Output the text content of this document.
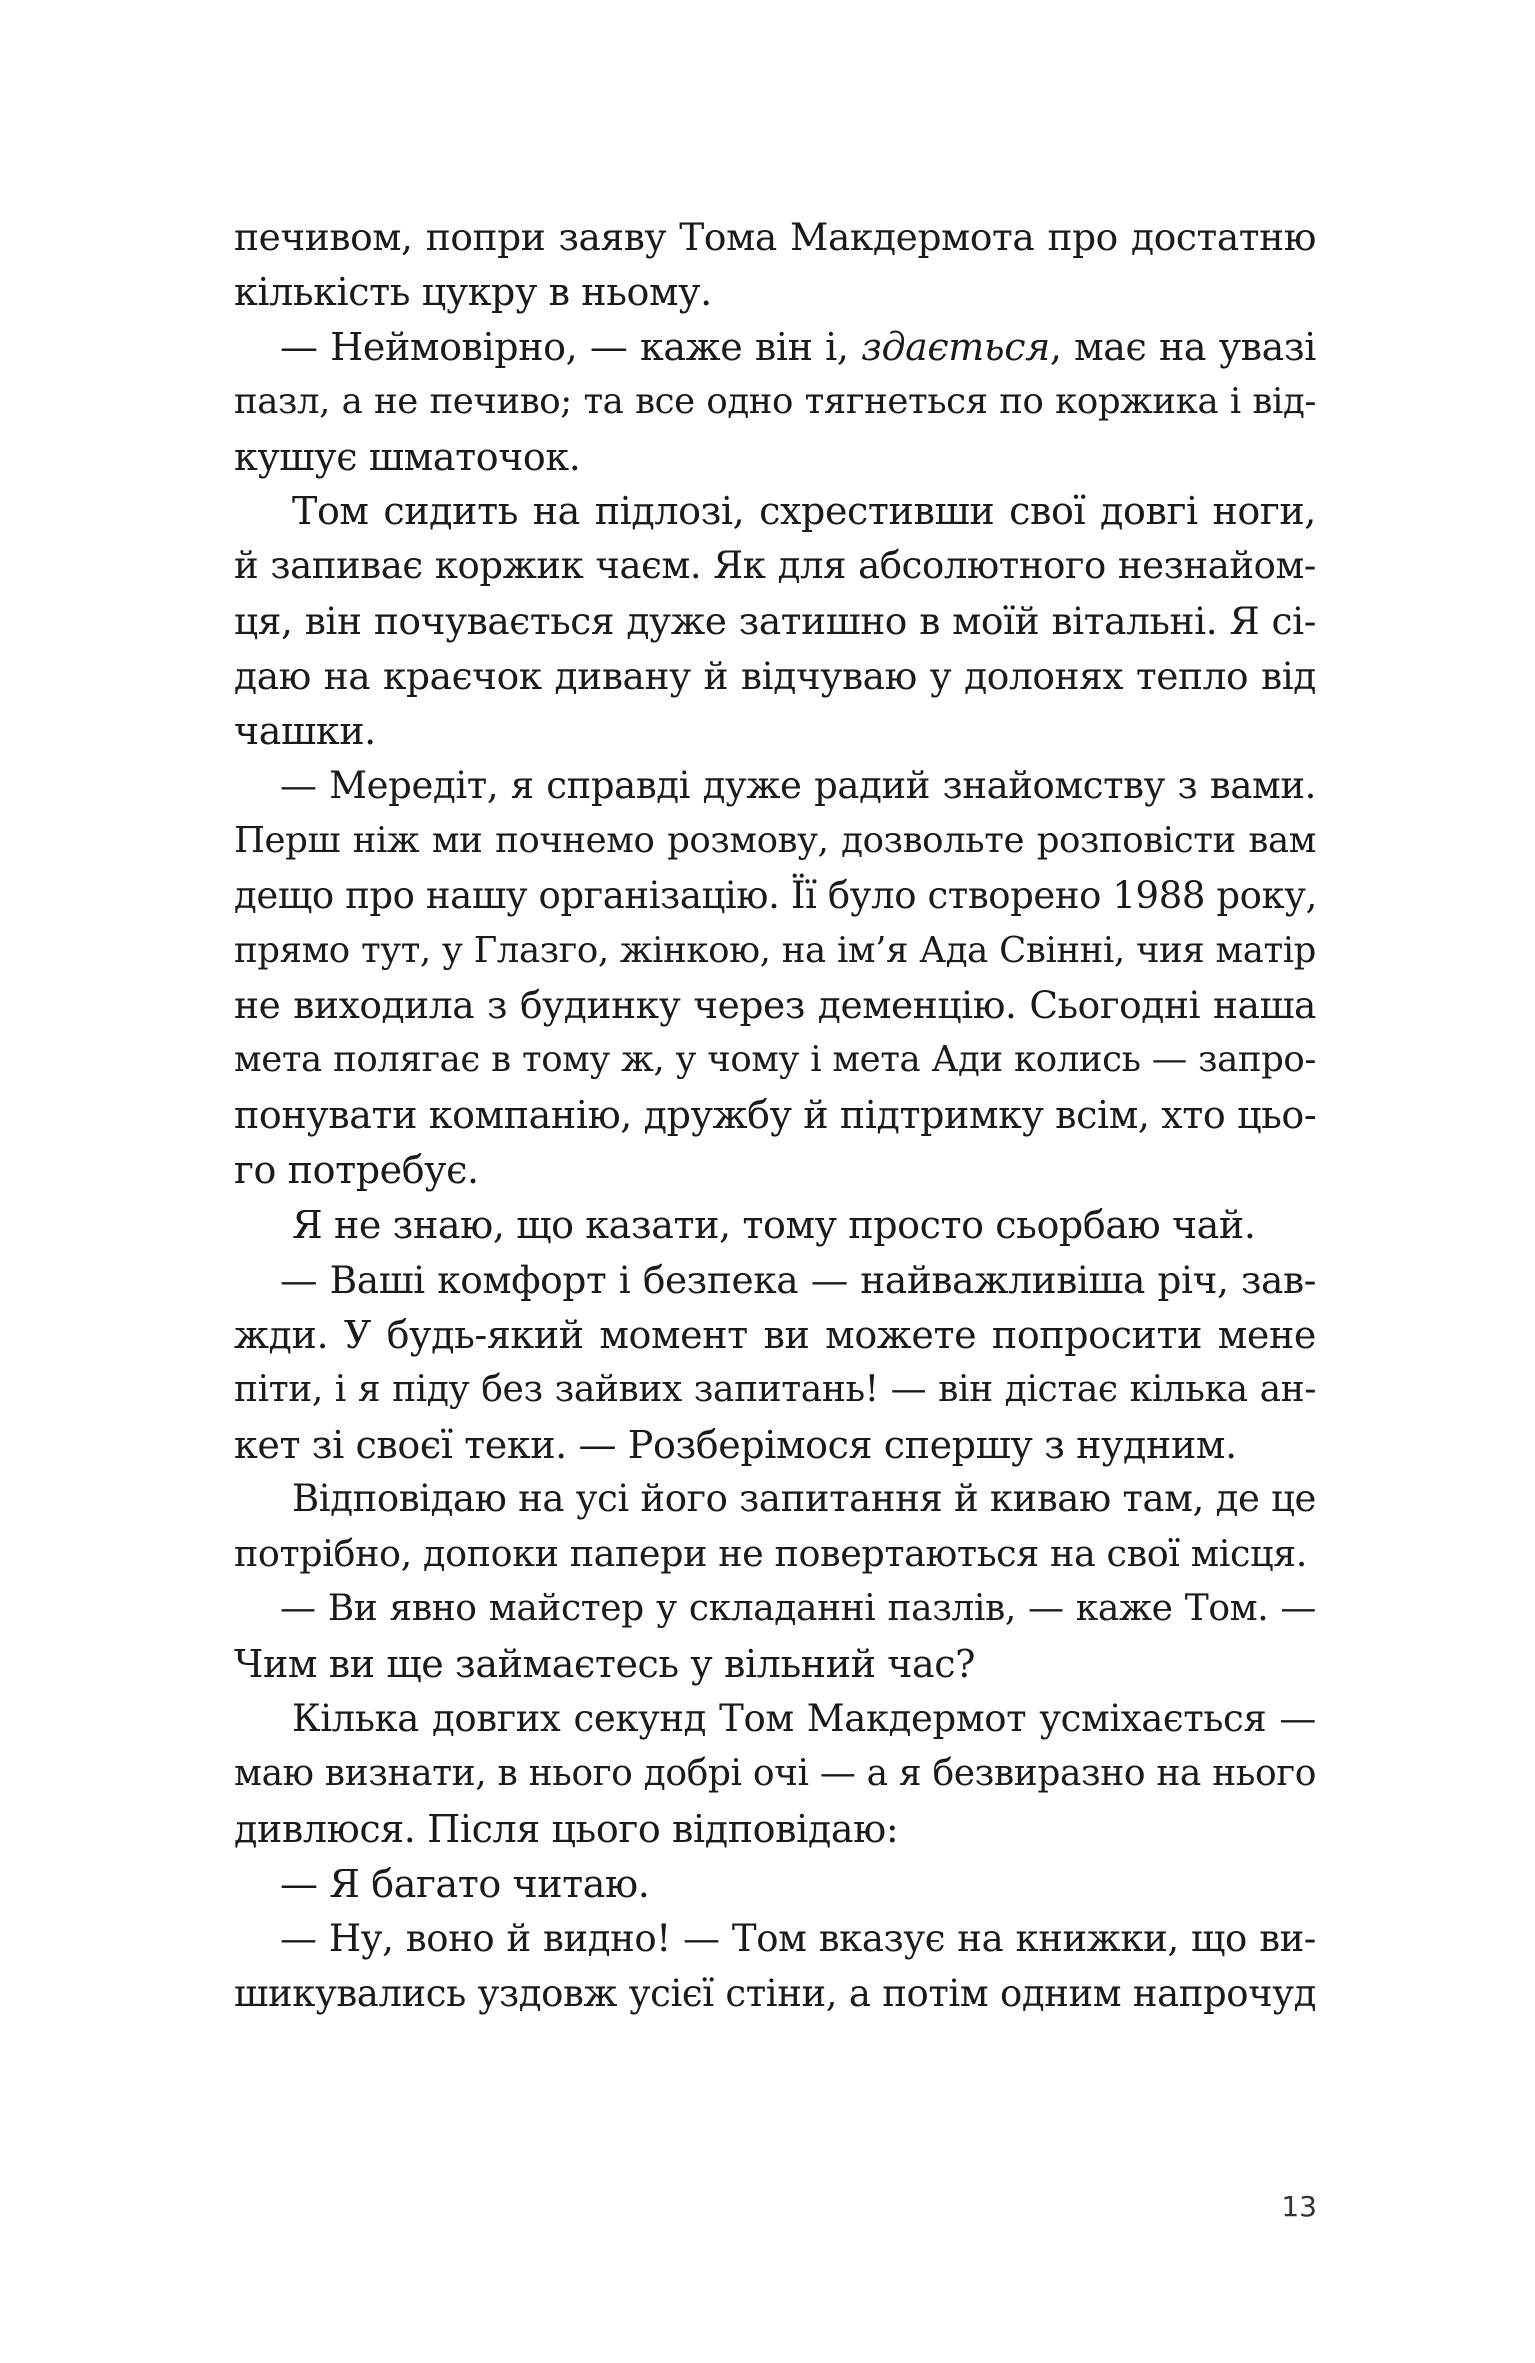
печивом, попри заяву Тома Макдермота про достатню
кількість цукру в ньому.
— Неймовірно, — каже він і, здається, має на увазі
пазл, а не печиво; та все одно тягнеться по коржика і від-
кушує шматочок.
Том сидить на підлозі, схрестивши свої довгі ноги,
й запиває коржик чаєм. Як для абсолютного незнайом-
ця, він почувається дуже затишно в моїй вітальні. Я сі-
даю на краєчок дивану й відчуваю у долонях тепло від
чашки.
— Мередіт, я справді дуже радий знайомству з вами.
Перш ніж ми почнемо розмову, дозвольте розповісти вам
дещо про нашу організацію. Її було створено 1988 року,
прямо тут, у Глазго, жінкою, на ім’я Ада Свінні, чия матір
не виходила з будинку через деменцію. Сьогодні наша
мета полягає в тому ж, у чому і мета Ади колись — запро-
понувати компанію, дружбу й підтримку всім, хто цьо-
го потребує.
Я не знаю, що казати, тому просто сьорбаю чай.
— Ваші комфорт і безпека — найважливіша річ, зав-
жди. У будь-який момент ви можете попросити мене
піти, і я піду без зайвих запитань! — він дістає кілька ан-
кет зі своєї теки. — Розберімося спершу з нудним.
Відповідаю на усі його запитання й киваю там, де це
потрібно, допоки папери не повертаються на свої місця.
— Ви явно майстер у складанні пазлів, — каже Том. —
Чим ви ще займаєтесь у вільний час?
Кілька довгих секунд Том Макдермот усміхається —
маю визнати, в нього добрі очі — а я безвиразно на нього
дивлюся. Після цього відповідаю:
— Я багато читаю.
— Ну, воно й видно! — Том вказує на книжки, що ви-
шикувались уздовж усієї стіни, а потім одним напрочуд
13
